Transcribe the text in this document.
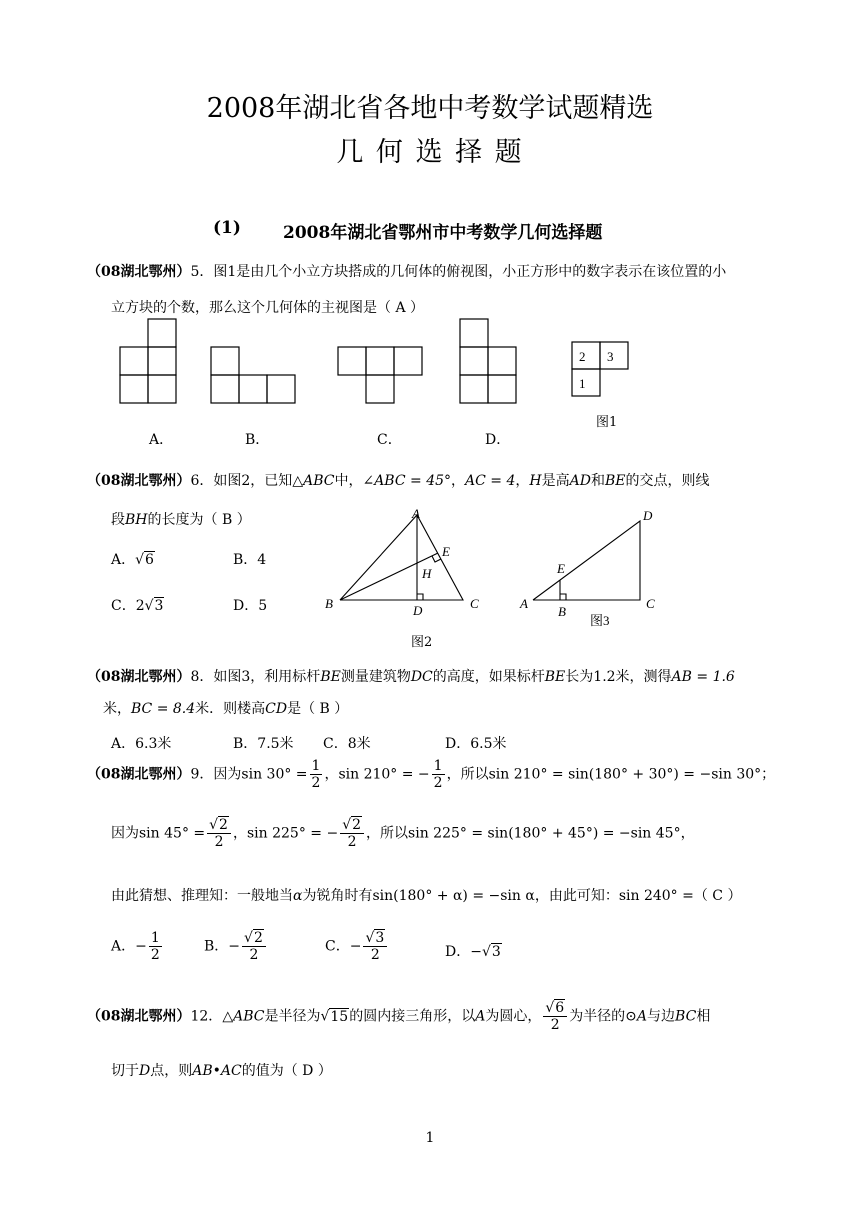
2008年湖北省各地中考数学试题精选
几 何 选 择 题
(1) 2008年湖北省鄂州市中考数学几何选择题
（08湖北鄂州）5．图1是由几个小立方块搭成的几何体的俯视图，小正方形中的数字表示在该位置的小
立方块的个数，那么这个几何体的主视图是（ A ）
2 3
1
图1
A．	B．	C．	D．
（08湖北鄂州）6．如图2，已知△ABC中，∠ABC = 45°，AC = 4，H是高AD和BE的交点，则线
段BH的长度为（ B ）
A．√6	B．4
C．2√3	D．5
A
E
H
B	D	C
D
E
A
B
C
图3
图2
（08湖北鄂州）8．如图3，利用标杆BE测量建筑物DC的高度，如果标杆BE长为1.2米，测得AB = 1.6
米，BC = 8.4米．则楼高CD是（ B ）
A．6.3米	B．7.5米 C．8米	D．6.5米
（08湖北鄂州）9．因为$\sin 30^\circ = \frac{1}{2}$ ，sin 210° = − $\frac{1}{2}$ ，所以sin 210° = sin(180° + 30°) = −sin 30°；
因为$\sin 45^\circ = \frac{√2}{2}$ ，sin 225° = − $\frac{√2}{2}$ ，所以sin 225° = sin(180° + 45°) = −sin 45°，
由此猜想、推理知：一般地当α为锐角时有sin(180° + α) = −sin α，由此可知：sin 240° =（ C ）
A．− $\frac{1}{2}$	B．− $\frac{√2}{2}$	C．− $\frac{√3}{2}$	D．−√3
（08湖北鄂州）12．△ABC是半径为√15的圆内接三角形，以A为圆心， $\frac{√6}{2}$ 为半径的⊙A与边BC相
切于D点，则AB•AC的值为（ D ）
1
